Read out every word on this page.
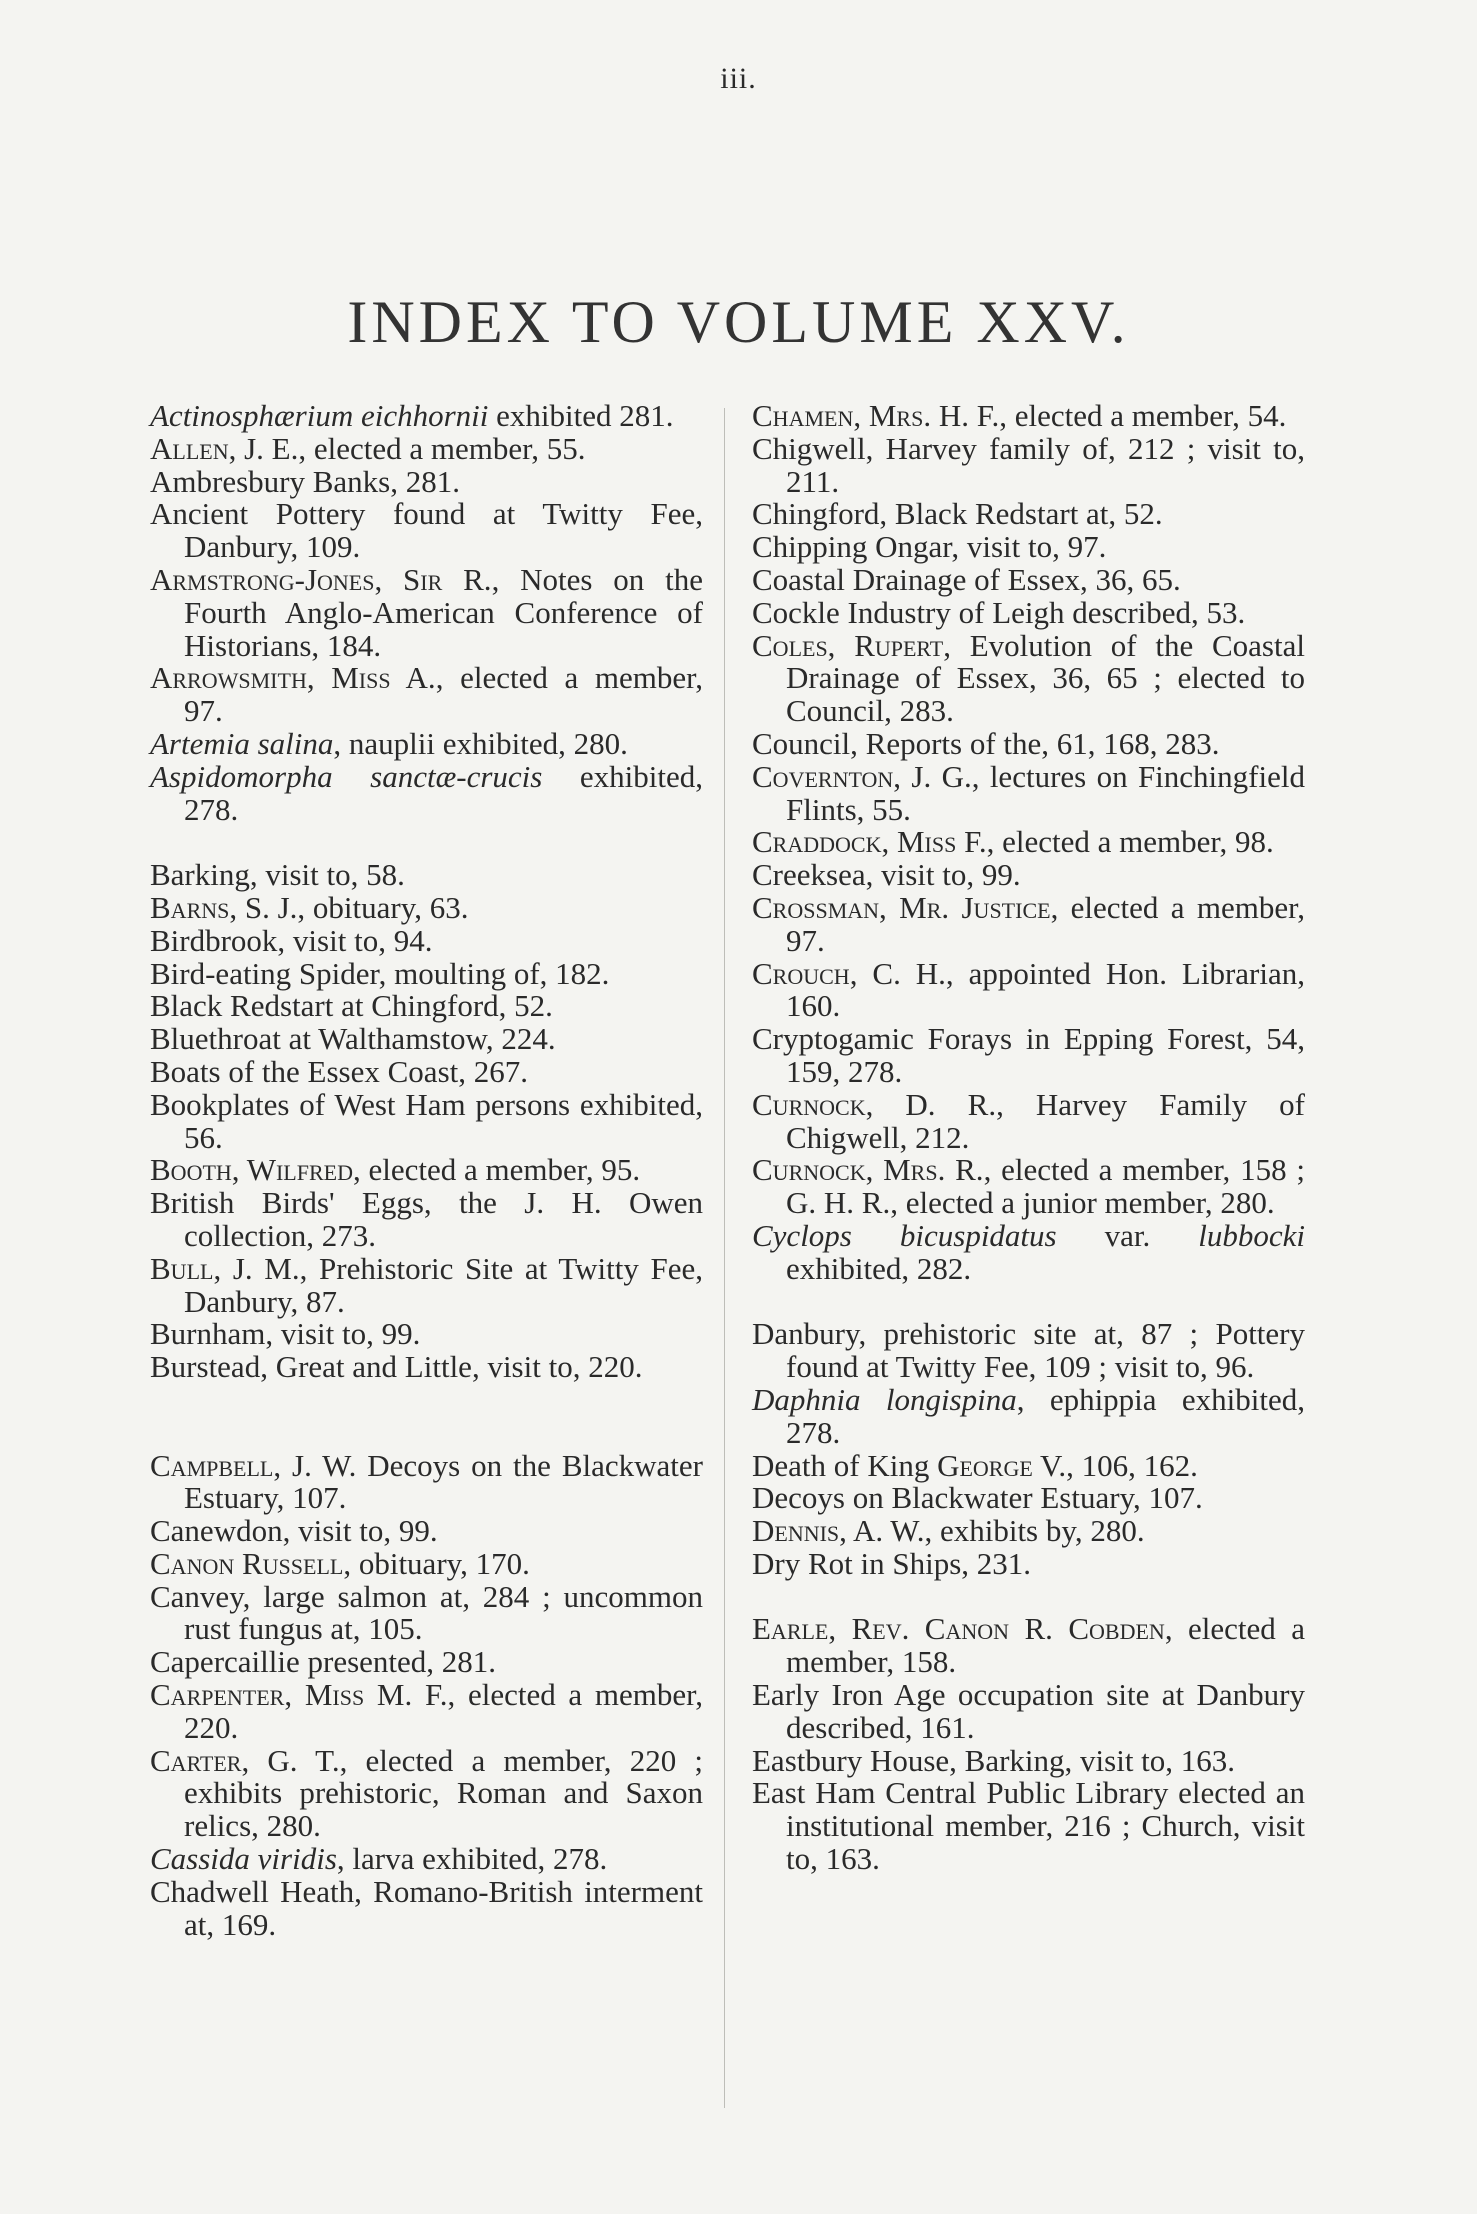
iii.
INDEX TO VOLUME XXV.
Actinosphærium eichhornii exhibited 281.
Allen, J. E., elected a member, 55.
Ambresbury Banks, 281.
Ancient Pottery found at Twitty Fee, Danbury, 109.
Armstrong-Jones, Sir R., Notes on the Fourth Anglo-American Conference of Historians, 184.
Arrowsmith, Miss A., elected a member, 97.
Artemia salina, nauplii exhibited, 280.
Aspidomorpha sanctæ-crucis exhibited, 278.
Barking, visit to, 58.
Barns, S. J., obituary, 63.
Birdbrook, visit to, 94.
Bird-eating Spider, moulting of, 182.
Black Redstart at Chingford, 52.
Bluethroat at Walthamstow, 224.
Boats of the Essex Coast, 267.
Bookplates of West Ham persons exhibited, 56.
Booth, Wilfred, elected a member, 95.
British Birds' Eggs, the J. H. Owen collection, 273.
Bull, J. M., Prehistoric Site at Twitty Fee, Danbury, 87.
Burnham, visit to, 99.
Burstead, Great and Little, visit to, 220.
Campbell, J. W. Decoys on the Blackwater Estuary, 107.
Canewdon, visit to, 99.
Canon Russell, obituary, 170.
Canvey, large salmon at, 284 ; uncommon rust fungus at, 105.
Capercaillie presented, 281.
Carpenter, Miss M. F., elected a member, 220.
Carter, G. T., elected a member, 220 ; exhibits prehistoric, Roman and Saxon relics, 280.
Cassida viridis, larva exhibited, 278.
Chadwell Heath, Romano-British interment at, 169.
Chamen, Mrs. H. F., elected a member, 54.
Chigwell, Harvey family of, 212 ; visit to, 211.
Chingford, Black Redstart at, 52.
Chipping Ongar, visit to, 97.
Coastal Drainage of Essex, 36, 65.
Cockle Industry of Leigh described, 53.
Coles, Rupert, Evolution of the Coastal Drainage of Essex, 36, 65 ; elected to Council, 283.
Council, Reports of the, 61, 168, 283.
Covernton, J. G., lectures on Finchingfield Flints, 55.
Craddock, Miss F., elected a member, 98.
Creeksea, visit to, 99.
Crossman, Mr. Justice, elected a member, 97.
Crouch, C. H., appointed Hon. Librarian, 160.
Cryptogamic Forays in Epping Forest, 54, 159, 278.
Curnock, D. R., Harvey Family of Chigwell, 212.
Curnock, Mrs. R., elected a member, 158 ; G. H. R., elected a junior member, 280.
Cyclops bicuspidatus var. lubbocki exhibited, 282.
Danbury, prehistoric site at, 87 ; Pottery found at Twitty Fee, 109 ; visit to, 96.
Daphnia longispina, ephippia exhibited, 278.
Death of King George V., 106, 162.
Decoys on Blackwater Estuary, 107.
Dennis, A. W., exhibits by, 280.
Dry Rot in Ships, 231.
Earle, Rev. Canon R. Cobden, elected a member, 158.
Early Iron Age occupation site at Danbury described, 161.
Eastbury House, Barking, visit to, 163.
East Ham Central Public Library elected an institutional member, 216 ; Church, visit to, 163.
